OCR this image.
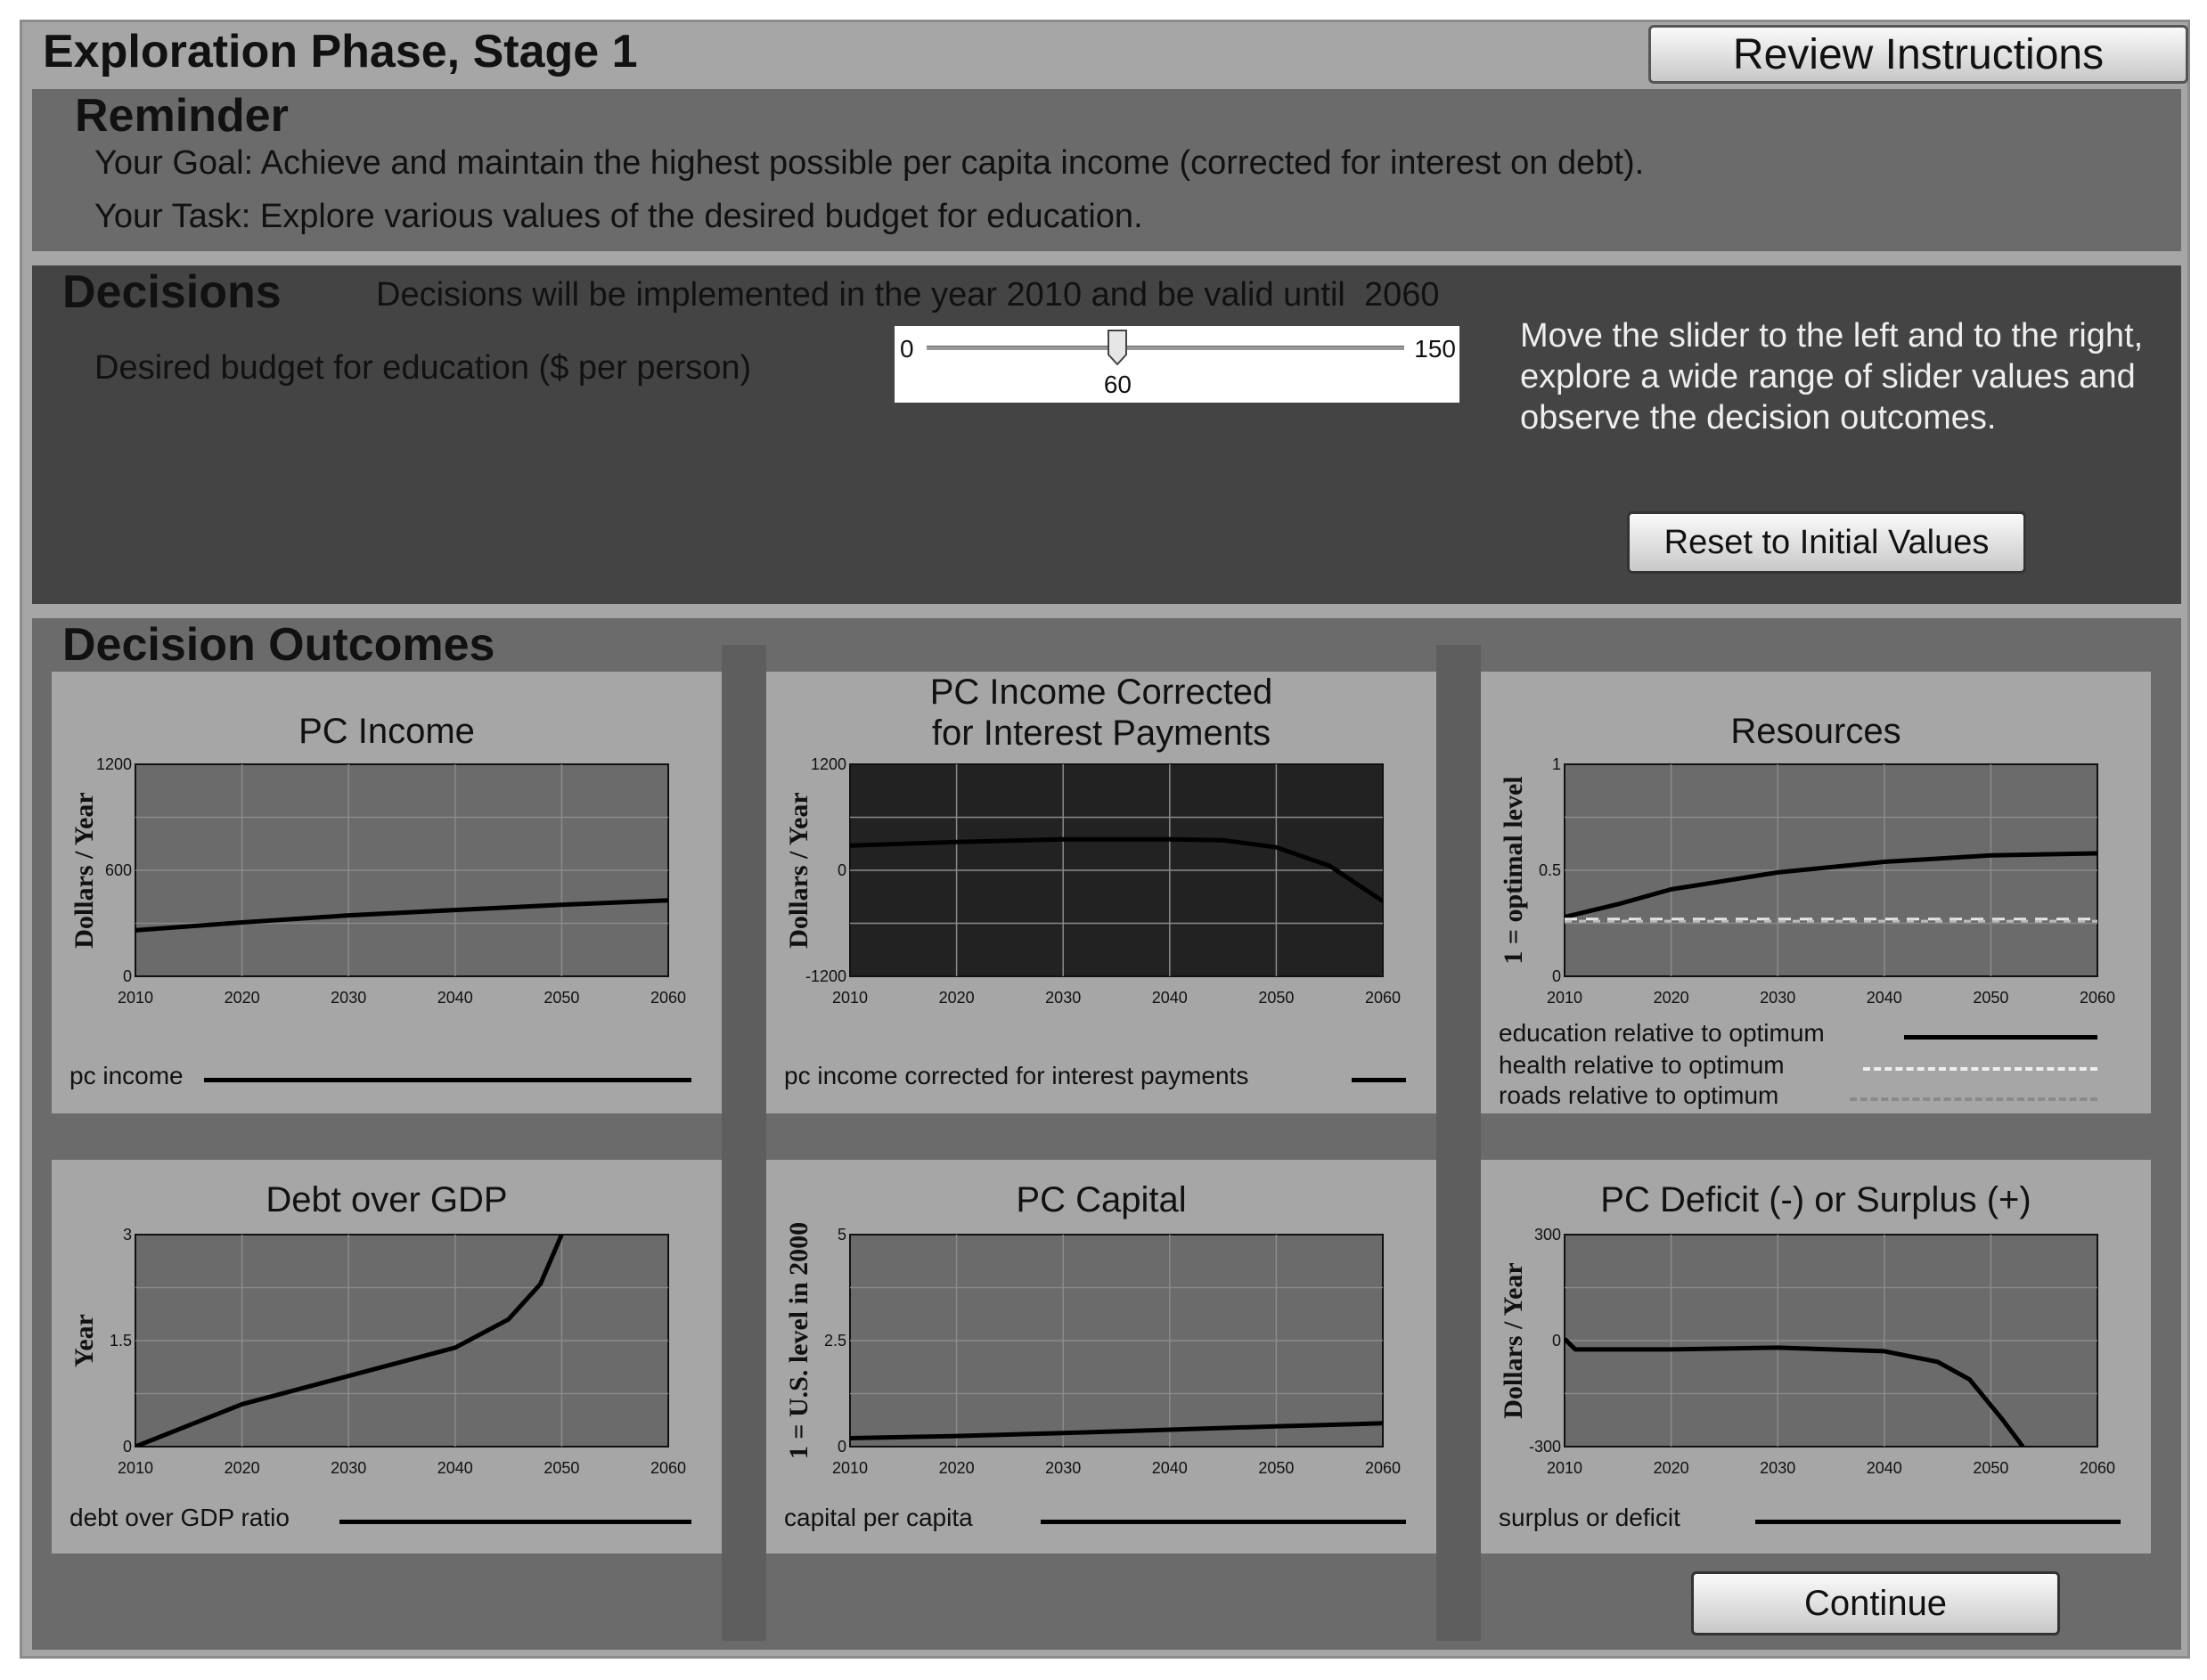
Exploration Phase, Stage 1	Review Instructions
Reminder
Your Goal: Achieve and maintain the highest possible per capita income (corrected for interest on debt).
Your Task: Explore various values of the desired budget for education.
Decisions	Decisions will be implemented in the year 2010 and be valid until  2060
Desired budget for education ($ per person)
0	150
60
Move the slider to the left and to the right, explore a wide range of slider values and observe the decision outcomes.
Reset to Initial Values
Decision Outcomes
PC Income
2010	2020	2030	2040	2050	2060
0
600
1200
Dollars / Year
pc income
PC Income Corrected
for Interest Payments
2010	2020	2030	2040	2050	2060
-1200
0
1200
Dollars / Year
pc income corrected for interest payments
Resources
2010	2020	2030	2040	2050	2060
0
0.5
1
1 = optimal level
education relative to optimum
health relative to optimum
roads relative to optimum
Debt over GDP
2010	2020	2030	2040	2050	2060
0
1.5
3
Year
debt over GDP ratio
PC Capital
2010	2020	2030	2040	2050	2060
0
2.5
5
1 = U.S. level in 2000
capital per capita
PC Deficit (-) or Surplus (+)
2010	2020	2030	2040	2050	2060
-300
0
300
Dollars / Year
surplus or deficit
Continue
